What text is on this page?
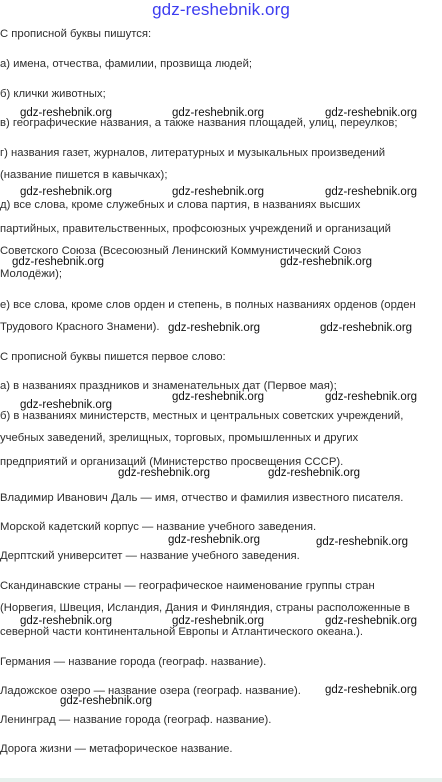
gdz-reshebnik.org
С прописной буквы пишутся:
а) имена, отчества, фамилии, прозвища людей;
б) клички животных;
в) географические названия, а также названия площадей, улиц, переулков;
г) названия газет, журналов, литературных и музыкальных произведений
(название пишется в кавычках);
д) все слова, кроме служебных и слова партия, в названиях высших
партийных, правительственных, профсоюзных учреждений и организаций
Советского Союза (Всесоюзный Ленинский Коммунистический Союз
Молодёжи);
е) все слова, кроме слов орден и степень, в полных названиях орденов (орден
Трудового Красного Знамени).
С прописной буквы пишется первое слово:
а) в названиях праздников и знаменательных дат (Первое мая);
б) в названиях министерств, местных и центральных советских учреждений,
учебных заведений, зрелищных, торговых, промышленных и других
предприятий и организаций (Министерство просвещения СССР).
Владимир Иванович Даль — имя, отчество и фамилия известного писателя.
Морской кадетский корпус — название учебного заведения.
Дерптский университет — название учебного заведения.
Скандинавские страны — географическое наименование группы стран
(Норвегия, Швеция, Исландия, Дания и Финляндия, страны расположенные в
северной части континентальной Европы и Атлантического океана.).
Германия — название города (географ. название).
Ладожское озеро — название озера (географ. название).
Ленинград — название города (географ. название).
Дорога жизни — метафорическое название.
gdz-reshebnik.org	gdz-reshebnik.org	gdz-reshebnik.org
gdz-reshebnik.org	gdz-reshebnik.org	gdz-reshebnik.org
gdz-reshebnik.org	gdz-reshebnik.org
gdz-reshebnik.org	gdz-reshebnik.org
gdz-reshebnik.org
gdz-reshebnik.org	gdz-reshebnik.org
gdz-reshebnik.org	gdz-reshebnik.org
gdz-reshebnik.org	gdz-reshebnik.org
gdz-reshebnik.org	gdz-reshebnik.org	gdz-reshebnik.org
gdz-reshebnik.org
gdz-reshebnik.org
